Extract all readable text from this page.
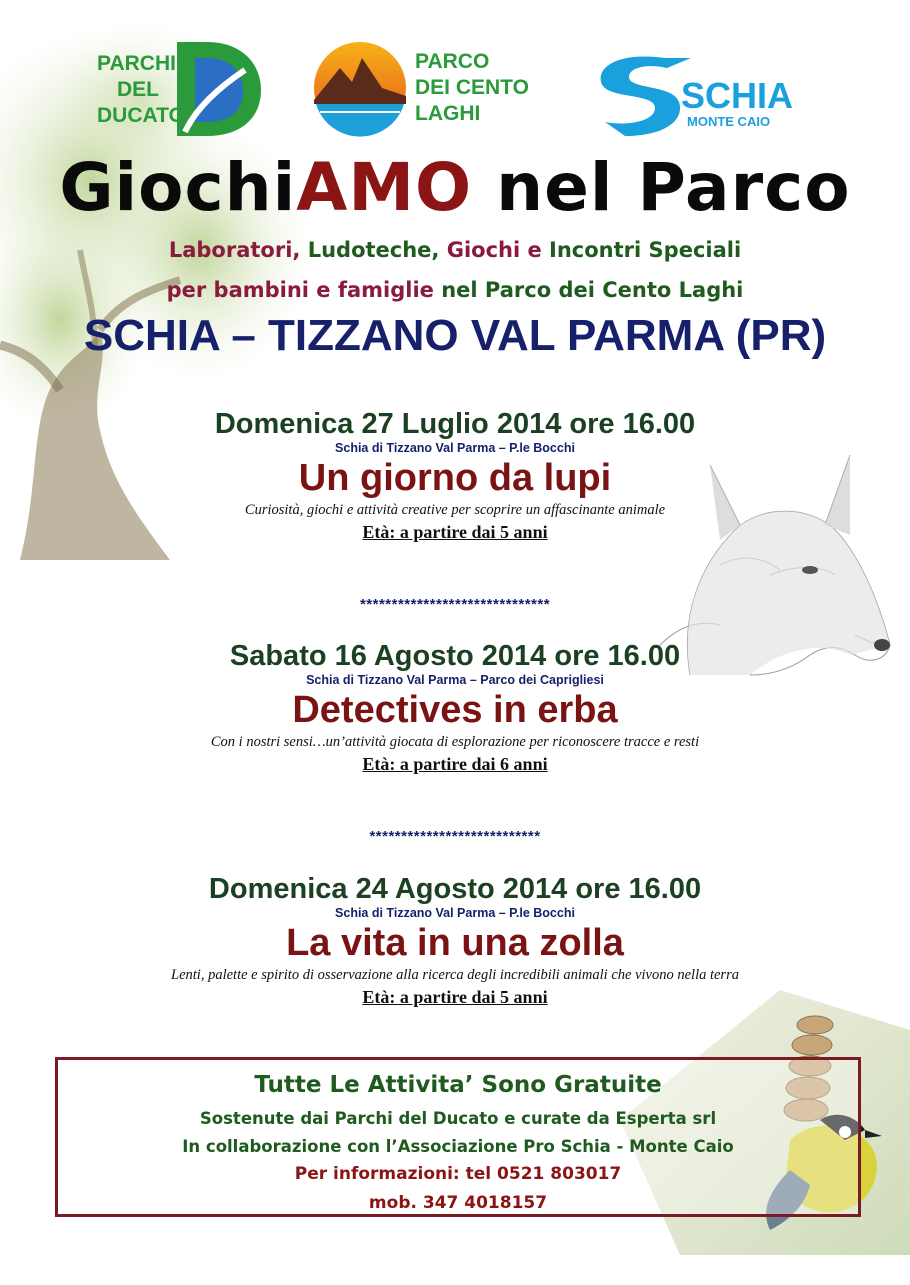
PARCHI
DEL
DUCATO
PARCO
DEI CENTO
LAGHI	SCHIA
MONTE CAIO
GiochiAMO nel Parco
Laboratori, Ludoteche, Giochi e Incontri Speciali
per bambini e famiglie nel Parco dei Cento Laghi
SCHIA – TIZZANO VAL PARMA (PR)
Domenica 27 Luglio 2014 ore 16.00
Schia di Tizzano Val Parma – P.le Bocchi
Un giorno da lupi
Curiosità, giochi e attività creative per scoprire un affascinante animale
Età: a partire dai 5 anni
******************************
Sabato 16 Agosto 2014 ore 16.00
Schia di Tizzano Val Parma – Parco dei Caprigliesi
Detectives in erba
Con i nostri sensi…un’attività giocata di esplorazione per riconoscere tracce e resti
Età: a partire dai 6 anni
***************************
Domenica 24 Agosto 2014 ore 16.00
Schia di Tizzano Val Parma – P.le Bocchi
La vita in una zolla
Lenti, palette e spirito di osservazione alla ricerca degli incredibili animali che vivono nella terra
Età: a partire dai 5 anni
Tutte Le Attivita’ Sono Gratuite
Sostenute dai Parchi del Ducato e curate da Esperta srl
In collaborazione con l’Associazione Pro Schia - Monte Caio
Per informazioni: tel 0521 803017
mob. 347 4018157
